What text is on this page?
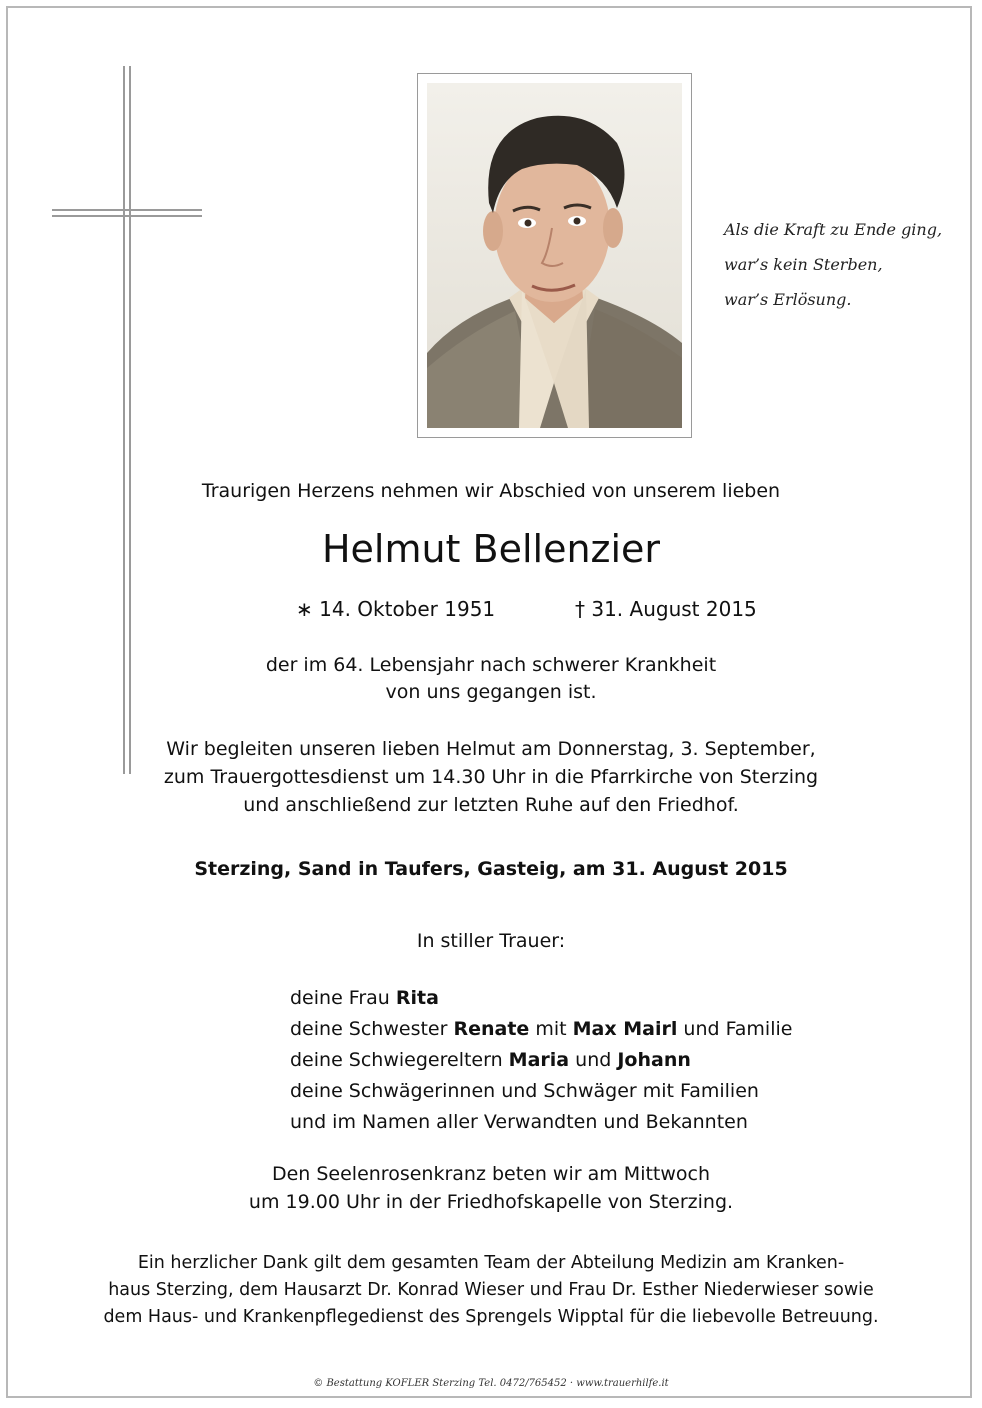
Als die Kraft zu Ende ging,
war’s kein Sterben,
war’s Erlösung.
Traurigen Herzens nehmen wir Abschied von unserem lieben
Helmut Bellenzier
∗ 14. Oktober 1951	† 31. August 2015
der im 64. Lebensjahr nach schwerer Krankheit
von uns gegangen ist.
Wir begleiten unseren lieben Helmut am Donnerstag, 3. September,
zum Trauergottesdienst um 14.30 Uhr in die Pfarrkirche von Sterzing
und anschließend zur letzten Ruhe auf den Friedhof.
Sterzing, Sand in Taufers, Gasteig, am 31. August 2015
In stiller Trauer:
deine Frau Rita
deine Schwester Renate mit Max Mairl und Familie
deine Schwiegereltern Maria und Johann
deine Schwägerinnen und Schwäger mit Familien
und im Namen aller Verwandten und Bekannten
Den Seelenrosenkranz beten wir am Mittwoch
um 19.00 Uhr in der Friedhofskapelle von Sterzing.
Ein herzlicher Dank gilt dem gesamten Team der Abteilung Medizin am Kranken-
haus Sterzing, dem Hausarzt Dr. Konrad Wieser und Frau Dr. Esther Niederwieser sowie
dem Haus- und Krankenpflegedienst des Sprengels Wipptal für die liebevolle Betreuung.
© Bestattung KOFLER Sterzing Tel. 0472/765452 · www.trauerhilfe.it
